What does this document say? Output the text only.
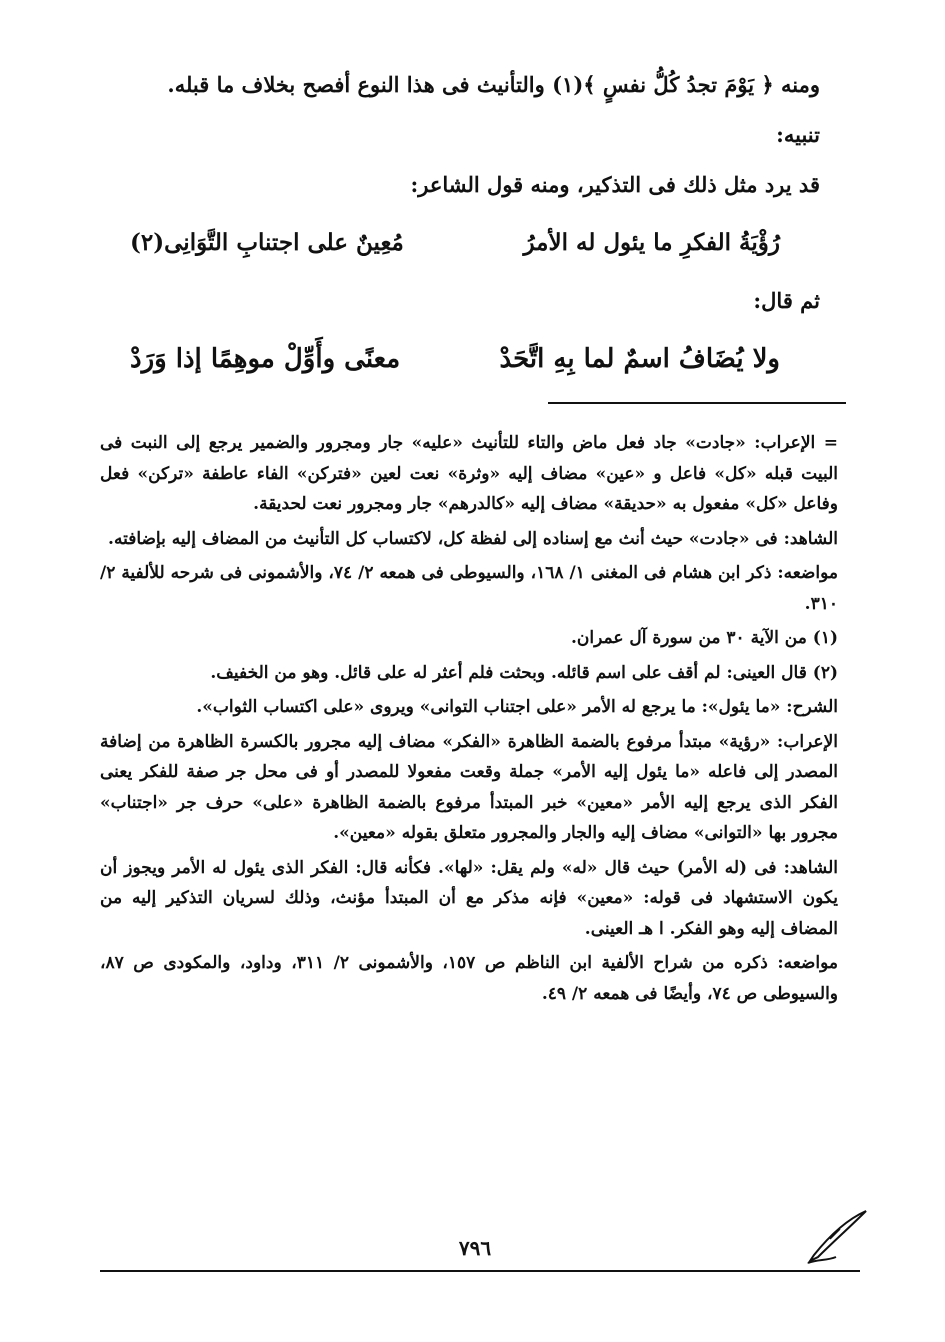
ومنه ﴿ يَوْمَ تجدُ كُلُّ نفسٍ ﴾(١) والتأنيث فى هذا النوع أفصح بخلاف ما قبله.

تنبيه:

قد يرد مثل ذلك فى التذكير، ومنه قول الشاعر:

رُؤْيَةُ الفكرِ ما يئول له الأمرُ
مُعِينٌ على اجتنابِ التَّوَانِى(٢)

ثم قال:

ولا يُضَافُ اسمٌ لما بِهِ اتَّحَدْ
معنًى وأَوِّلْ موهِمًا إذا وَرَدْ

= الإعراب: «جادت» جاد فعل ماض والتاء للتأنيث «عليه» جار ومجرور والضمير يرجع إلى النبت فى البيت قبله «كل» فاعل و «عين» مضاف إليه «وثرة» نعت لعين «فتركن» الفاء عاطفة «تركن» فعل وفاعل «كل» مفعول به «حديقة» مضاف إليه «كالدرهم» جار ومجرور نعت لحديقة.

الشاهد: فى «جادت» حيث أنث مع إسناده إلى لفظة كل، لاكتساب كل التأنيث من المضاف إليه بإضافته.

مواضعه: ذكر ابن هشام فى المغنى ١/ ١٦٨، والسيوطى فى همعه ٢/ ٧٤، والأشمونى فى شرحه للألفية ٢/ ٣١٠.

(١) من الآية ٣٠ من سورة آل عمران.

(٢) قال العينى: لم أقف على اسم قائله. وبحثت فلم أعثر له على قائل. وهو من الخفيف.

الشرح: «ما يئول»: ما يرجع له الأمر «على اجتناب التوانى» ويروى «على اكتساب الثواب».

الإعراب: «رؤية» مبتدأ مرفوع بالضمة الظاهرة «الفكر» مضاف إليه مجرور بالكسرة الظاهرة من إضافة المصدر إلى فاعله «ما يئول إليه الأمر» جملة وقعت مفعولا للمصدر أو فى محل جر صفة للفكر يعنى الفكر الذى يرجع إليه الأمر «معين» خبر المبتدأ مرفوع بالضمة الظاهرة «على» حرف جر «اجتناب» مجرور بها «التوانى» مضاف إليه والجار والمجرور متعلق بقوله «معين».

الشاهد: فى (له الأمر) حيث قال «له» ولم يقل: «لها». فكأنه قال: الفكر الذى يئول له الأمر ويجوز أن يكون الاستشهاد فى قوله: «معين» فإنه مذكر مع أن المبتدأ مؤنث، وذلك لسريان التذكير إليه من المضاف إليه وهو الفكر. ا هـ العينى.

مواضعه: ذكره من شراح الألفية ابن الناظم ص ١٥٧، والأشمونى ٢/ ٣١١، وداود، والمكودى ص ٨٧، والسيوطى ص ٧٤، وأيضًا فى همعه ٢/ ٤٩.

٧٩٦
